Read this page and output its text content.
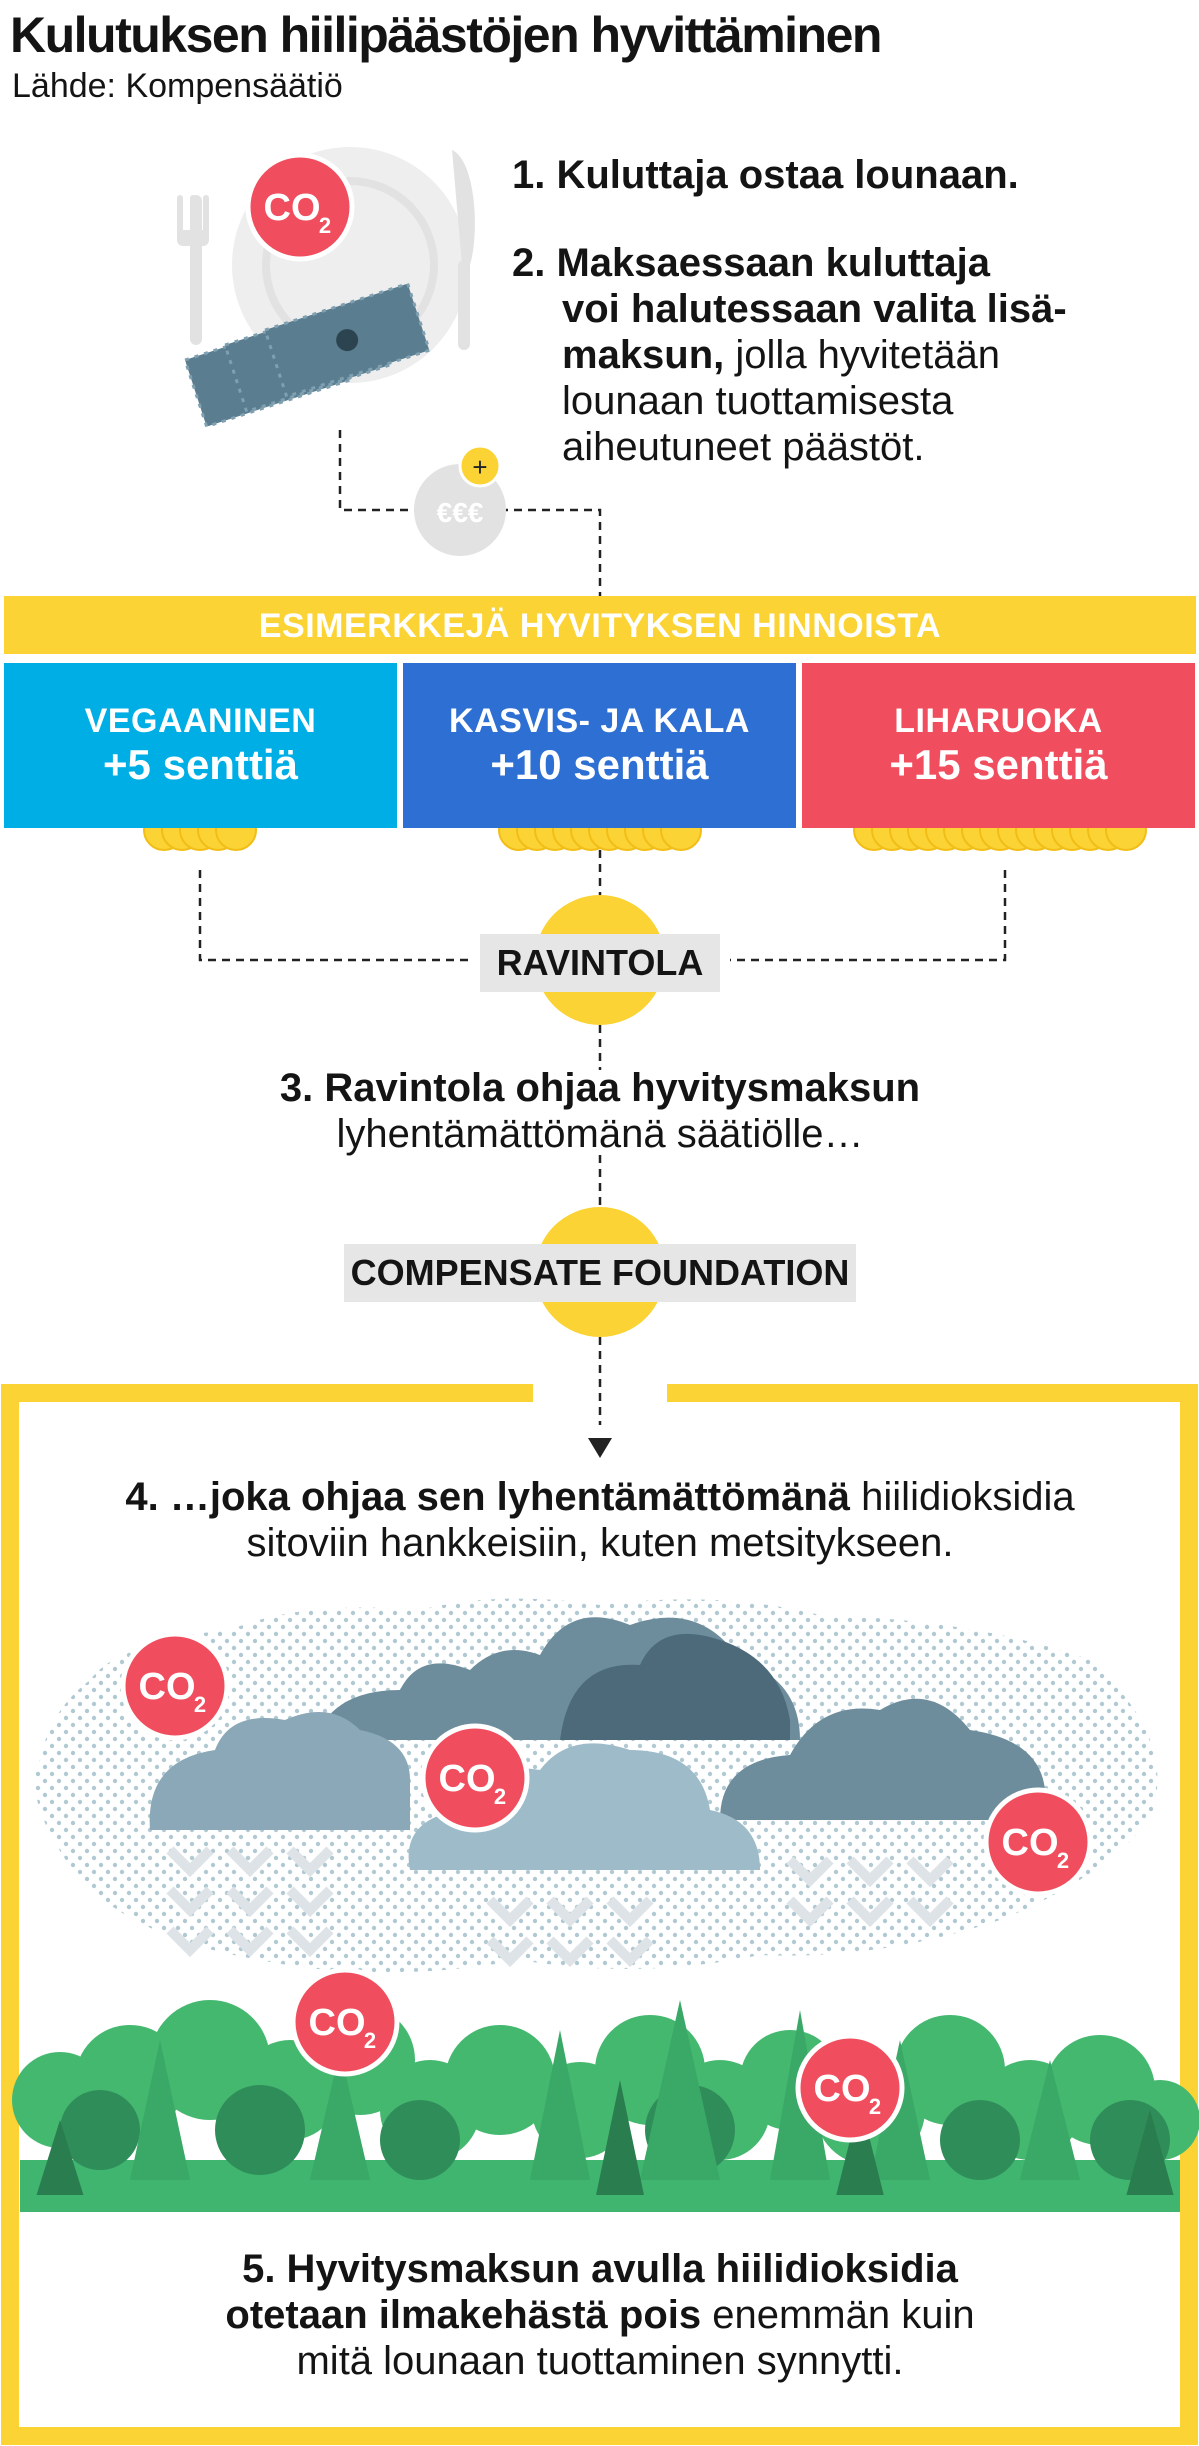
Kulutuksen hiilipäästöjen hyvittäminen
Lähde: Kompensäätiö
CO
2
€€€
+
CO
2
CO
2
CO
2
CO
2
CO
2
1. Kuluttaja ostaa lounaan.
2. Maksaessaan kuluttaja
voi halutessaan valita lisä-
maksun, jolla hyvitetään
lounaan tuottamisesta
aiheutuneet päästöt.
ESIMERKKEJÄ HYVITYKSEN HINNOISTA
VEGAANINEN
+5 senttiä
KASVIS- JA KALA
+10 senttiä
LIHARUOKA
+15 senttiä
RAVINTOLA
3. Ravintola ohjaa hyvitysmaksun
lyhentämättömänä säätiölle…
COMPENSATE FOUNDATION
4. …joka ohjaa sen lyhentämättömänä hiilidioksidia
sitoviin hankkeisiin, kuten metsitykseen.
5. Hyvitysmaksun avulla hiilidioksidia
otetaan ilmakehästä pois enemmän kuin
mitä lounaan tuottaminen synnytti.
